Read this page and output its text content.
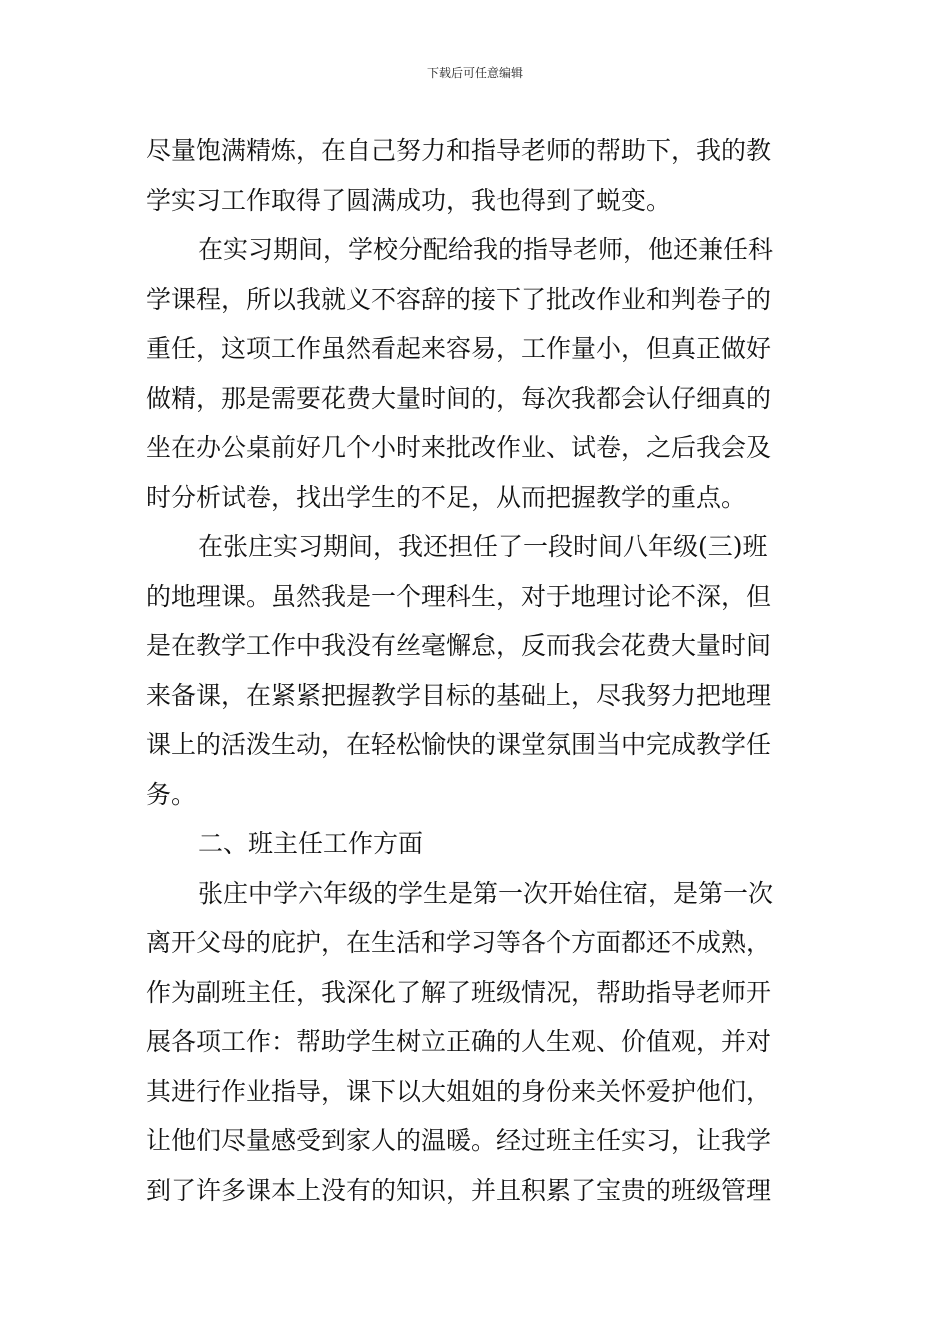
下载后可任意编辑
尽量饱满精炼，在自己努力和指导老师的帮助下，我的教
学实习工作取得了圆满成功，我也得到了蜕变。
在实习期间，学校分配给我的指导老师，他还兼任科
学课程，所以我就义不容辞的接下了批改作业和判卷子的
重任，这项工作虽然看起来容易，工作量小，但真正做好
做精，那是需要花费大量时间的，每次我都会认仔细真的
坐在办公桌前好几个小时来批改作业、试卷，之后我会及
时分析试卷，找出学生的不足，从而把握教学的重点。
在张庄实习期间，我还担任了一段时间八年级(三)班
的地理课。虽然我是一个理科生，对于地理讨论不深，但
是在教学工作中我没有丝毫懈怠，反而我会花费大量时间
来备课，在紧紧把握教学目标的基础上，尽我努力把地理
课上的活泼生动，在轻松愉快的课堂氛围当中完成教学任
务。
二、班主任工作方面
张庄中学六年级的学生是第一次开始住宿，是第一次
离开父母的庇护，在生活和学习等各个方面都还不成熟，
作为副班主任，我深化了解了班级情况，帮助指导老师开
展各项工作：帮助学生树立正确的人生观、价值观，并对
其进行作业指导，课下以大姐姐的身份来关怀爱护他们，
让他们尽量感受到家人的温暖。经过班主任实习，让我学
到了许多课本上没有的知识，并且积累了宝贵的班级管理
